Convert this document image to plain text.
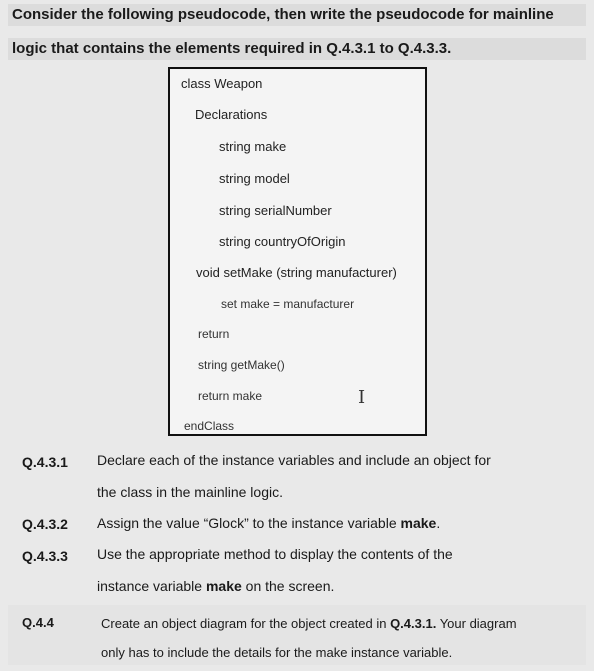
Consider the following pseudocode, then write the pseudocode for mainline
logic that contains the elements required in Q.4.3.1 to Q.4.3.3.
class Weapon
Declarations
string make
string model
string serialNumber
string countryOfOrigin
void setMake (string manufacturer)
set make = manufacturer
return
string getMake()
return make
endClass
I
Q.4.3.1 Declare each of the instance variables and include an object for
the class in the mainline logic.
Q.4.3.2 Assign the value “Glock” to the instance variable make.
Q.4.3.3 Use the appropriate method to display the contents of the
instance variable make on the screen.
Q.4.4	Create an object diagram for the object created in Q.4.3.1. Your diagram
only has to include the details for the make instance variable.
